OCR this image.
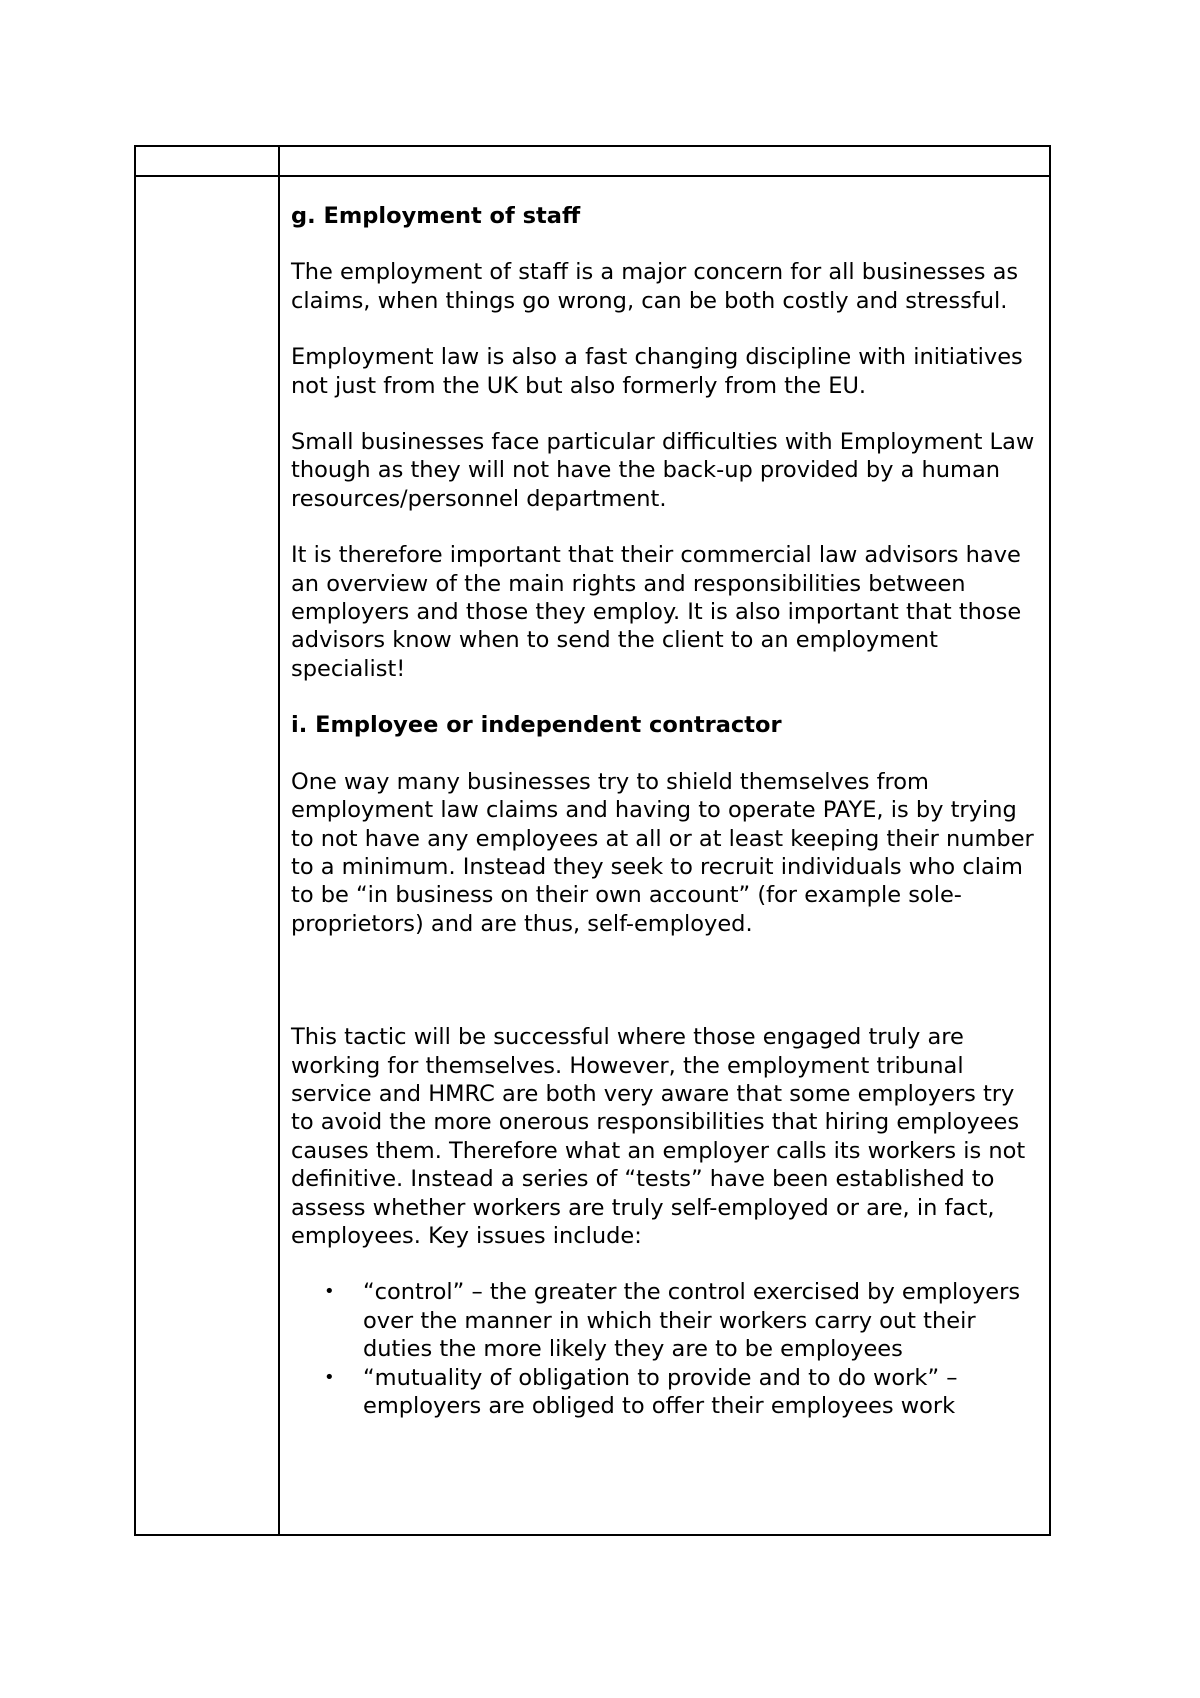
g. Employment of staff

The employment of staff is a major concern for all businesses as claims, when things go wrong, can be both costly and stressful.

Employment law is also a fast changing discipline with initiatives not just from the UK but also formerly from the EU.

Small businesses face particular difficulties with Employment Law though as they will not have the back-up provided by a human resources/personnel department.

It is therefore important that their commercial law advisors have an overview of the main rights and responsibilities between employers and those they employ. It is also important that those advisors know when to send the client to an employment specialist!

i. Employee or independent contractor

One way many businesses try to shield themselves from employment law claims and having to operate PAYE, is by trying to not have any employees at all or at least keeping their number to a minimum. Instead they seek to recruit individuals who claim to be “in business on their own account” (for example sole-proprietors) and are thus, self-employed.

This tactic will be successful where those engaged truly are working for themselves. However, the employment tribunal service and HMRC are both very aware that some employers try to avoid the more onerous responsibilities that hiring employees causes them. Therefore what an employer calls its workers is not definitive. Instead a series of “tests” have been established to assess whether workers are truly self-employed or are, in fact, employees. Key issues include:

• “control” – the greater the control exercised by employers over the manner in which their workers carry out their duties the more likely they are to be employees
• “mutuality of obligation to provide and to do work” – employers are obliged to offer their employees work
